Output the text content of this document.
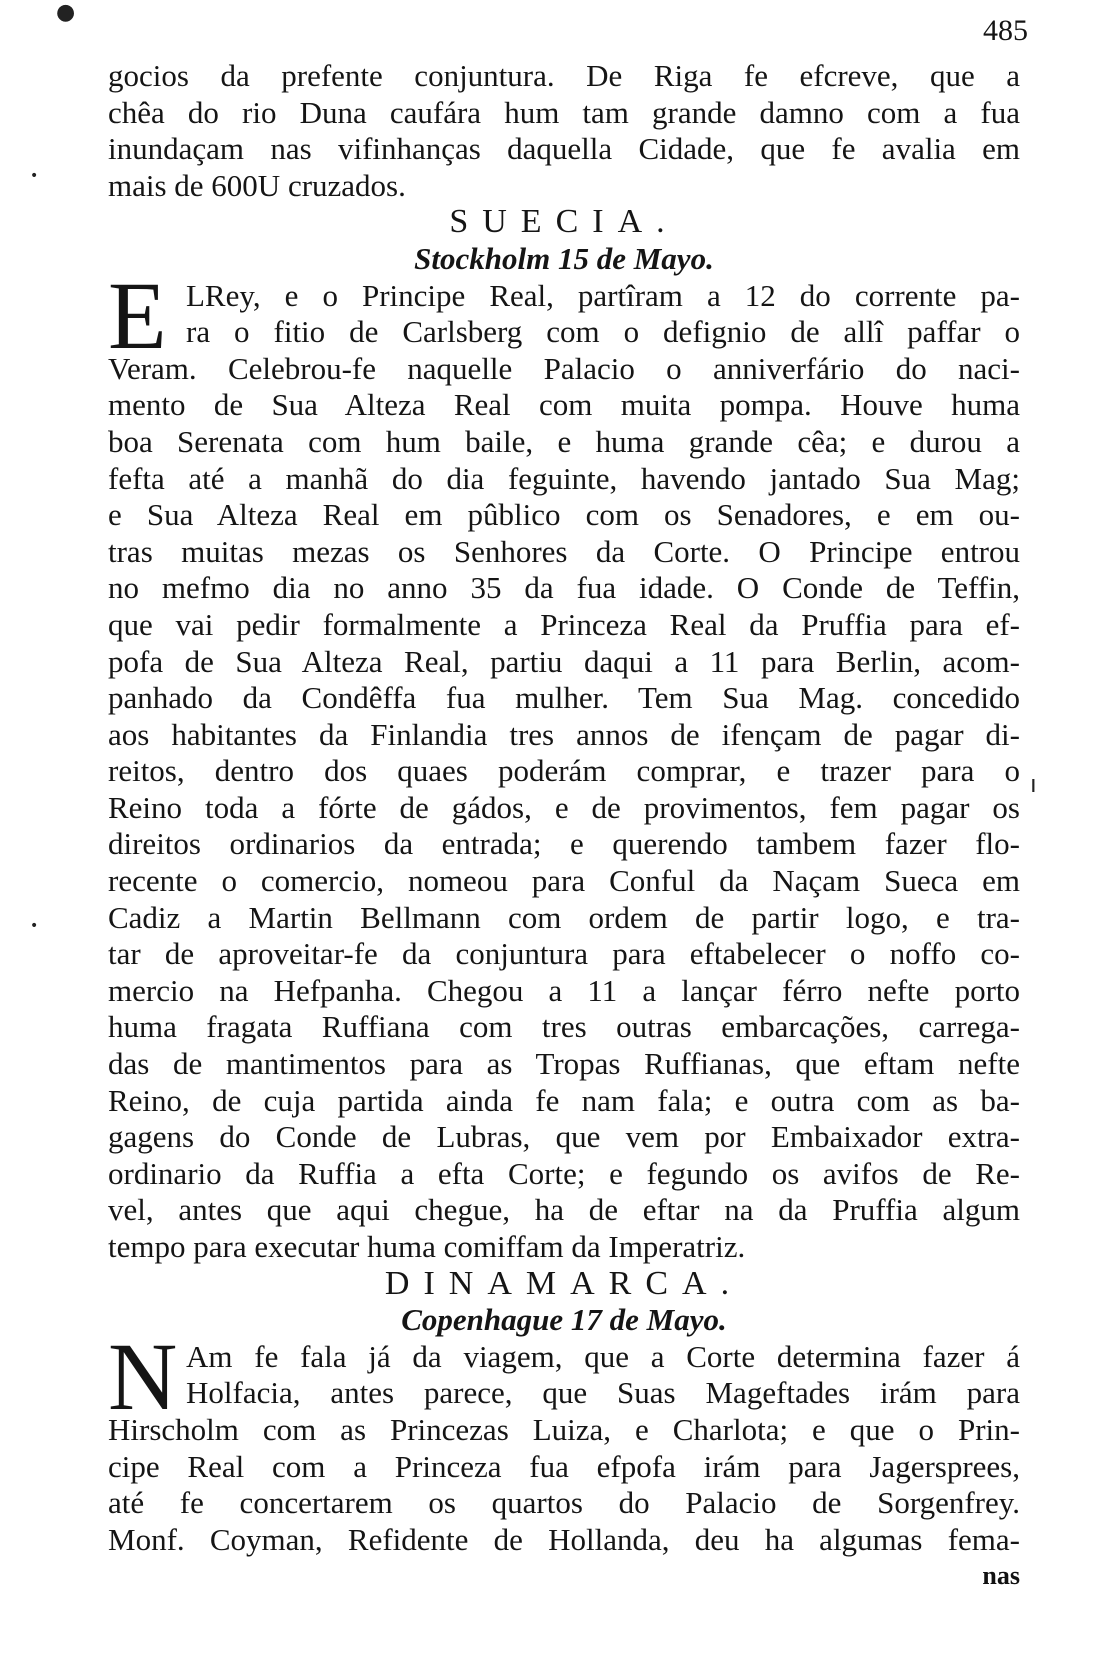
●
•
•
ı
485
gocios da prefente conjuntura. De Riga fe efcreve, que a
chêa do rio Duna caufára hum tam grande damno com a fua
inundaçam nas vifinhanças daquella Cidade, que fe avalia em
mais de 600U cruzados.
SUECIA.
Stockholm 15 de Mayo.
E LRey, e o Principe Real, partîram a 12 do corrente pa-
ra o fitio de Carlsberg com o defignio de allî paffar o
Veram. Celebrou-fe naquelle Palacio o anniverfário do naci-
mento de Sua Alteza Real com muita pompa. Houve huma
boa Serenata com hum baile, e huma grande cêa; e durou a
fefta até a manhã do dia feguinte, havendo jantado Sua Mag;
e Sua Alteza Real em pûblico com os Senadores, e em ou-
tras muitas mezas os Senhores da Corte. O Principe entrou
no mefmo dia no anno 35 da fua idade. O Conde de Teffin,
que vai pedir formalmente a Princeza Real da Pruffia para ef-
pofa de Sua Alteza Real, partiu daqui a 11 para Berlin, acom-
panhado da Condêffa fua mulher. Tem Sua Mag. concedido
aos habitantes da Finlandia tres annos de ifençam de pagar di-
reitos, dentro dos quaes poderám comprar, e trazer para o
Reino toda a fórte de gádos, e de provimentos, fem pagar os
direitos ordinarios da entrada; e querendo tambem fazer flo-
recente o comercio, nomeou para Conful da Naçam Sueca em
Cadiz a Martin Bellmann com ordem de partir logo, e tra-
tar de aproveitar-fe da conjuntura para eftabelecer o noffo co-
mercio na Hefpanha. Chegou a 11 a lançar férro nefte porto
huma fragata Ruffiana com tres outras embarcações, carrega-
das de mantimentos para as Tropas Ruffianas, que eftam nefte
Reino, de cuja partida ainda fe nam fala; e outra com as ba-
gagens do Conde de Lubras, que vem por Embaixador extra-
ordinario da Ruffia a efta Corte; e fegundo os avifos de Re-
vel, antes que aqui chegue, ha de eftar na da Pruffia algum
tempo para executar huma comiffam da Imperatriz.
DINAMARCA.
Copenhague 17 de Mayo.
N Am fe fala já da viagem, que a Corte determina fazer á
Holfacia, antes parece, que Suas Mageftades irám para
Hirscholm com as Princezas Luiza, e Charlota; e que o Prin-
cipe Real com a Princeza fua efpofa irám para Jagersprees,
até fe concertarem os quartos do Palacio de Sorgenfrey.
Monf. Coyman, Refidente de Hollanda, deu ha algumas fema-
nas
